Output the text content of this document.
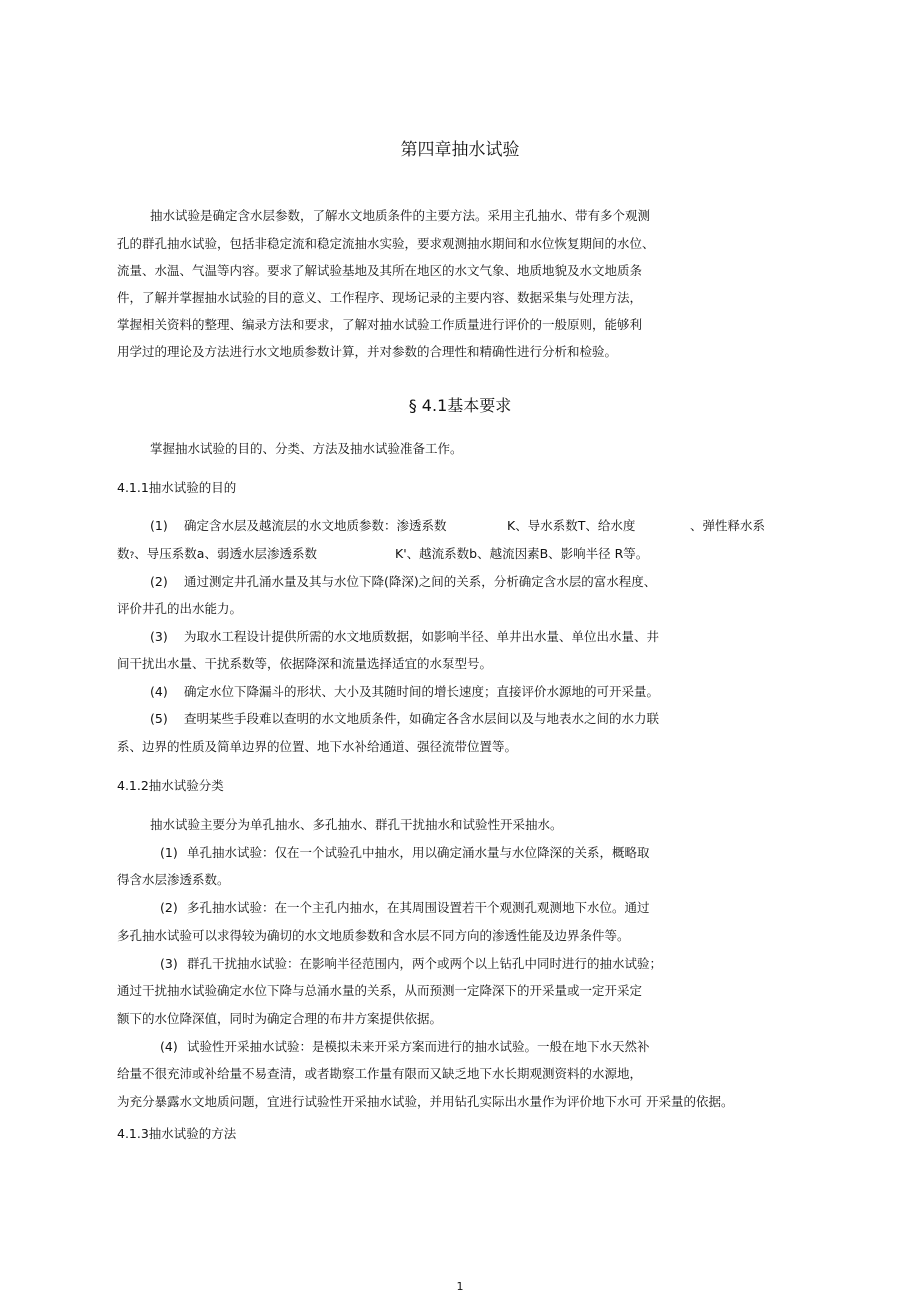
第四章抽水试验
抽水试验是确定含水层参数，了解水文地质条件的主要方法。采用主孔抽水、带有多个观测
孔的群孔抽水试验，包括非稳定流和稳定流抽水实验，要求观测抽水期间和水位恢复期间的水位、
流量、水温、气温等内容。要求了解试验基地及其所在地区的水文气象、地质地貌及水文地质条
件，了解并掌握抽水试验的目的意义、工作程序、现场记录的主要内容、数据采集与处理方法，
掌握相关资料的整理、编录方法和要求，了解对抽水试验工作质量进行评价的一般原则，能够利
用学过的理论及方法进行水文地质参数计算，并对参数的合理性和精确性进行分析和检验。
§ 4.1基本要求
掌握抽水试验的目的、分类、方法及抽水试验准备工作。
4.1.1抽水试验的目的
(1) 确定含水层及越流层的水文地质参数：渗透系数	K、导水系数T、给水度	、弹性释水系
数?、导压系数a、弱透水层渗透系数	K'、越流系数b、越流因素B、影响半径 R等。
(2) 通过测定井孔涌水量及其与水位下降(降深)之间的关系，分析确定含水层的富水程度、
评价井孔的出水能力。
(3) 为取水工程设计提供所需的水文地质数据，如影响半径、单井出水量、单位出水量、井
间干扰出水量、干扰系数等，依据降深和流量选择适宜的水泵型号。
(4) 确定水位下降漏斗的形状、大小及其随时间的增长速度；直接评价水源地的可开采量。
(5) 查明某些手段难以查明的水文地质条件，如确定各含水层间以及与地表水之间的水力联
系、边界的性质及简单边界的位置、地下水补给通道、强径流带位置等。
4.1.2抽水试验分类
抽水试验主要分为单孔抽水、多孔抽水、群孔干扰抽水和试验性开采抽水。
(1) 单孔抽水试验：仅在一个试验孔中抽水，用以确定涌水量与水位降深的关系，概略取
得含水层渗透系数。
(2) 多孔抽水试验：在一个主孔内抽水，在其周围设置若干个观测孔观测地下水位。通过
多孔抽水试验可以求得较为确切的水文地质参数和含水层不同方向的渗透性能及边界条件等。
(3) 群孔干扰抽水试验：在影响半径范围内，两个或两个以上钻孔中同时进行的抽水试验；
通过干扰抽水试验确定水位下降与总涌水量的关系，从而预测一定降深下的开采量或一定开采定
额下的水位降深值，同时为确定合理的布井方案提供依据。
(4) 试验性开采抽水试验：是模拟未来开采方案而进行的抽水试验。一般在地下水天然补
给量不很充沛或补给量不易查清，或者勘察工作量有限而又缺乏地下水长期观测资料的水源地，
为充分暴露水文地质问题，宜进行试验性开采抽水试验，并用钻孔实际出水量作为评价地下水可 开采量的依据。
4.1.3抽水试验的方法
1
